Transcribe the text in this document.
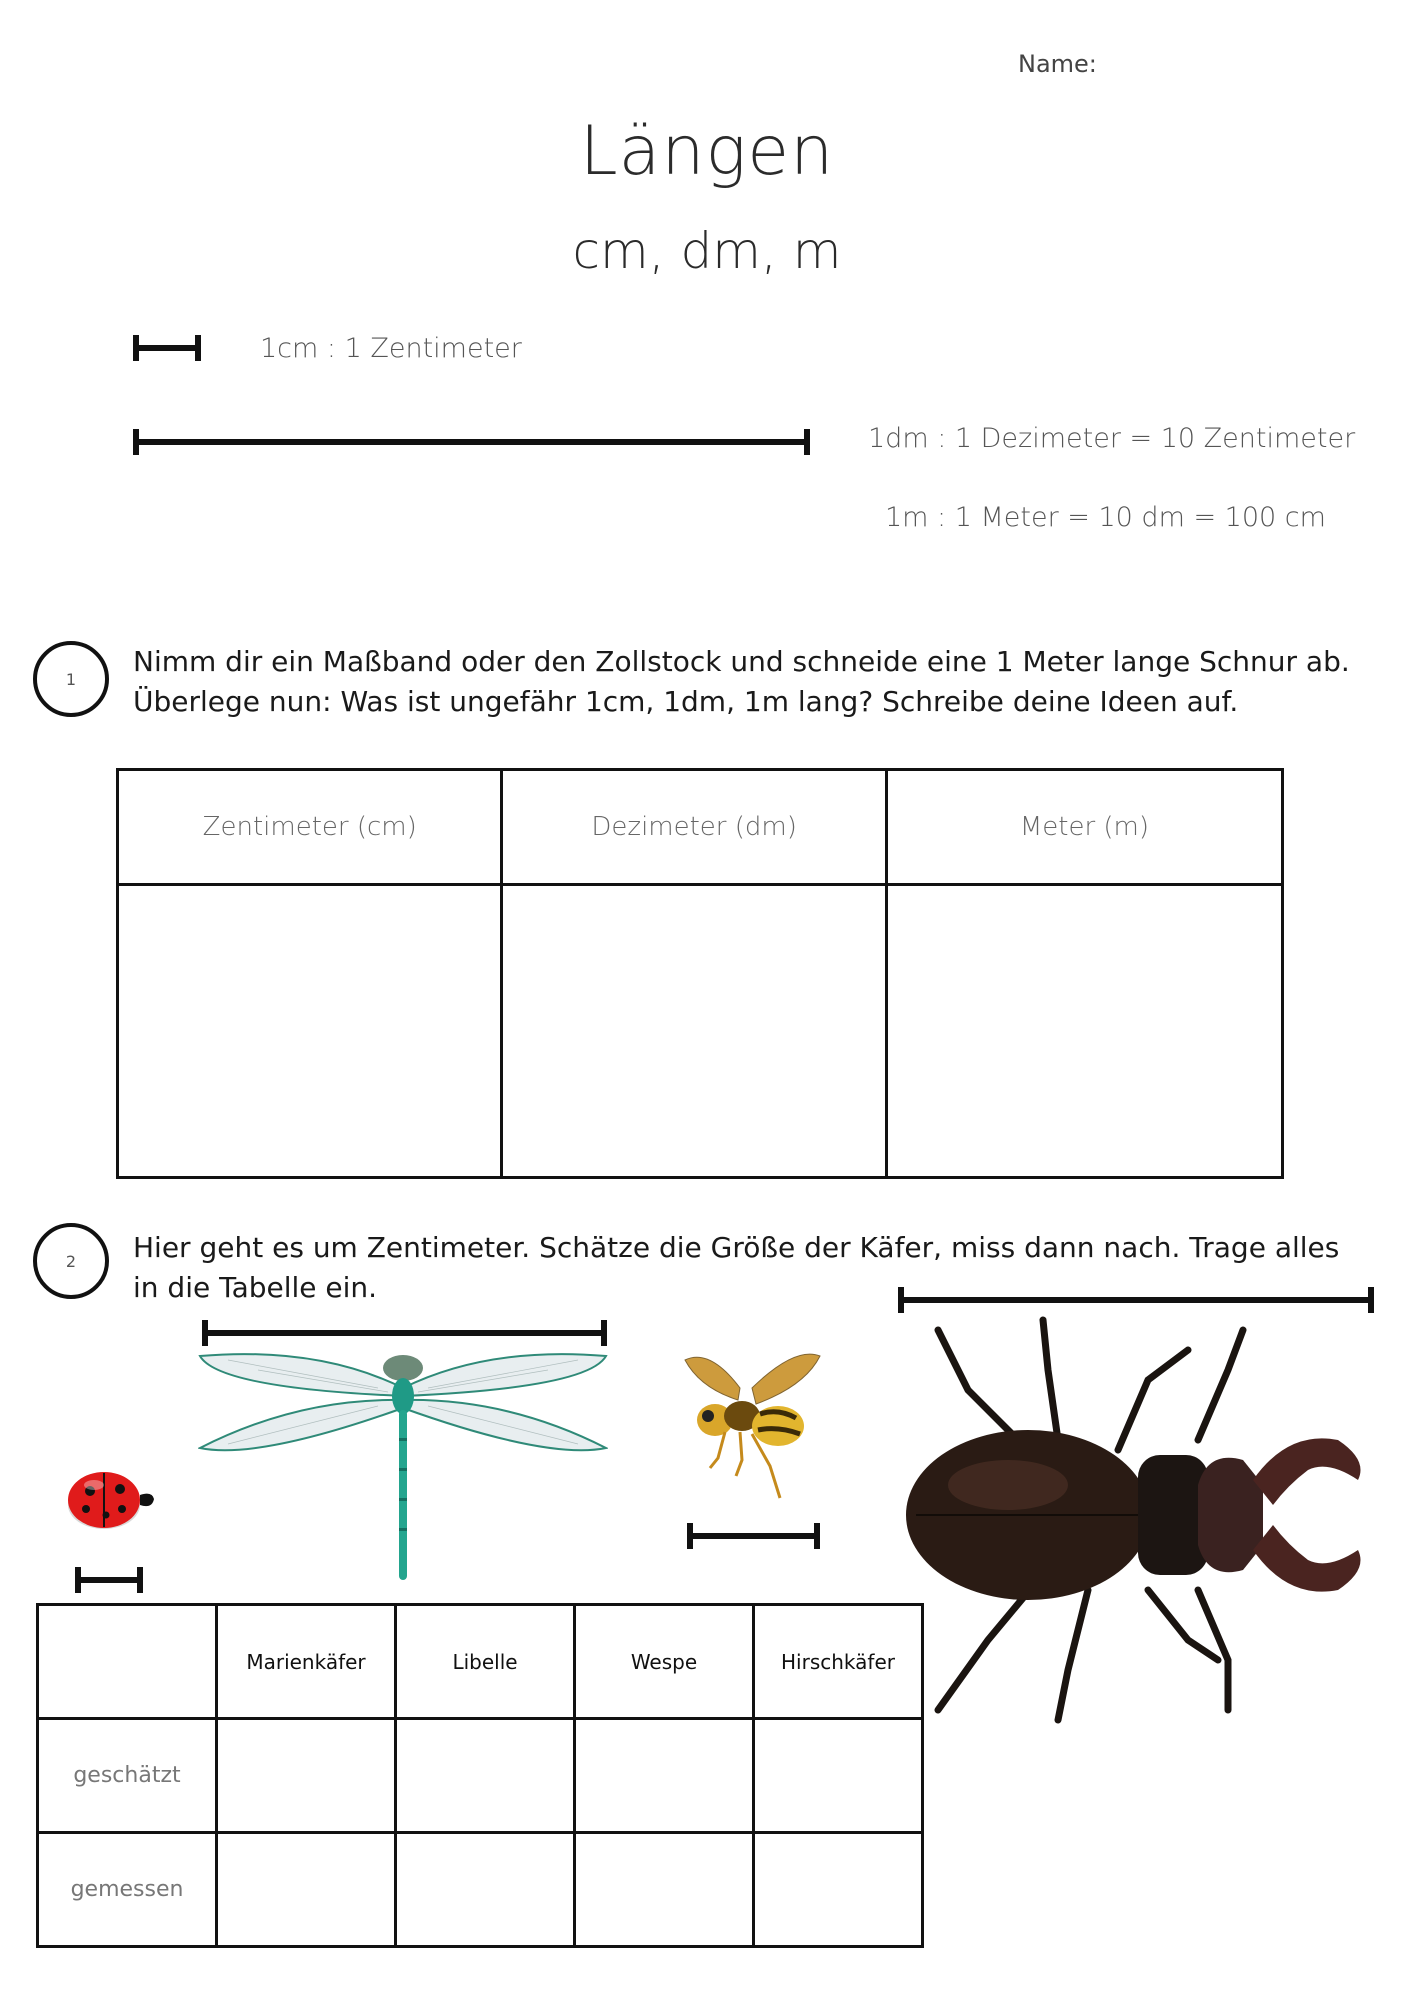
Name:
Längen
cm, dm, m
1cm : 1 Zentimeter
1dm : 1 Dezimeter = 10 Zentimeter
1m : 1 Meter = 10 dm = 100 cm
1
Nimm dir ein Maßband oder den Zollstock und schneide eine 1 Meter lange Schnur ab.
Überlege nun: Was ist ungefähr 1cm, 1dm, 1m lang? Schreibe deine Ideen auf.
Zentimeter (cm)	Dezimeter (dm)	Meter (m)

2 Hier geht es um Zentimeter. Schätze die Größe der Käfer, miss dann nach. Trage alles
in die Tabelle ein.
	Marienkäfer	Libelle	Wespe	Hirschkäfer
geschätzt				
gemessen				
